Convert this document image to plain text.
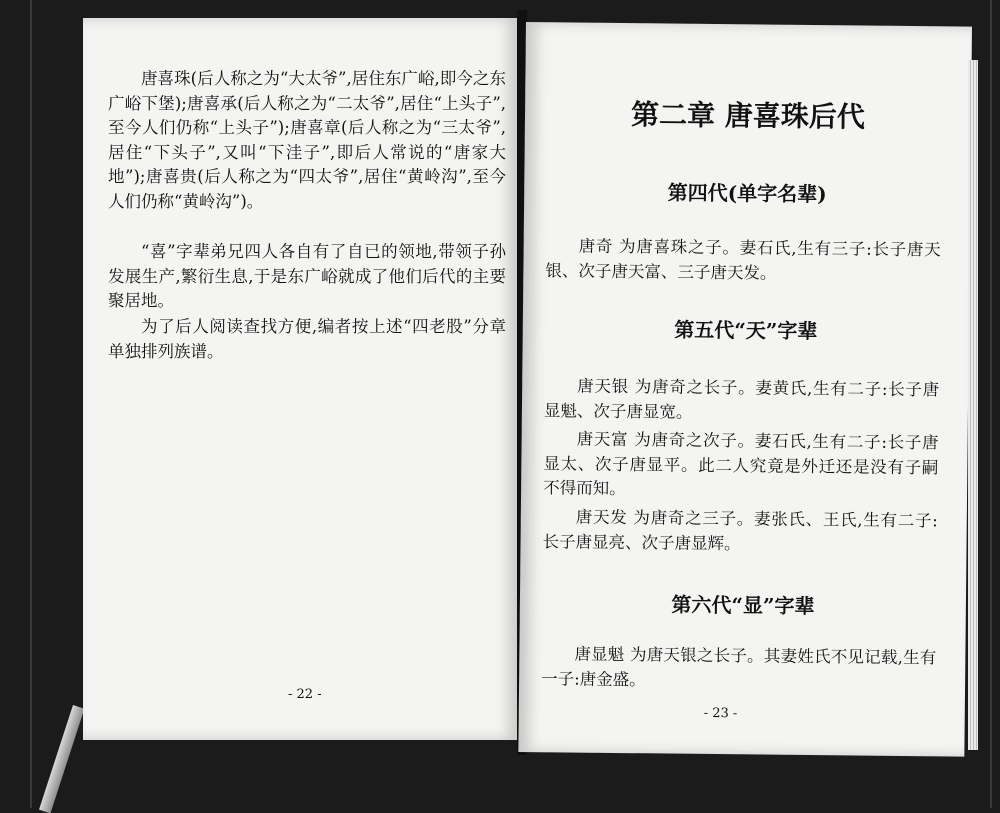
唐喜珠(后人称之为“大太爷”,居住东广峪,即今之东广峪下堡);唐喜承(后人称之为“二太爷”,居住“上头子”,至今人们仍称“上头子”);唐喜章(后人称之为“三太爷”,居住“下头子”,又叫“下洼子”,即后人常说的“唐家大地”);唐喜贵(后人称之为“四太爷”,居住“黄岭沟”,至今人们仍称“黄岭沟”)。

“喜”字辈弟兄四人各自有了自已的领地,带领子孙发展生产,繁衍生息,于是东广峪就成了他们后代的主要聚居地。

为了后人阅读查找方便,编者按上述“四老股”分章单独排列族谱。

- 22 -
第二章 唐喜珠后代
第四代(单字名辈)

唐奇 为唐喜珠之子。妻石氏,生有三子:长子唐天银、次子唐天富、三子唐天发。

第五代“天”字辈

唐天银 为唐奇之长子。妻黄氏,生有二子:长子唐显魁、次子唐显宽。

唐天富 为唐奇之次子。妻石氏,生有二子:长子唐显太、次子唐显平。此二人究竟是外迁还是没有子嗣不得而知。

唐天发 为唐奇之三子。妻张氏、王氏,生有二子:长子唐显亮、次子唐显辉。

第六代“显”字辈

唐显魁 为唐天银之长子。其妻姓氏不见记载,生有一子:唐金盛。

- 23 -
